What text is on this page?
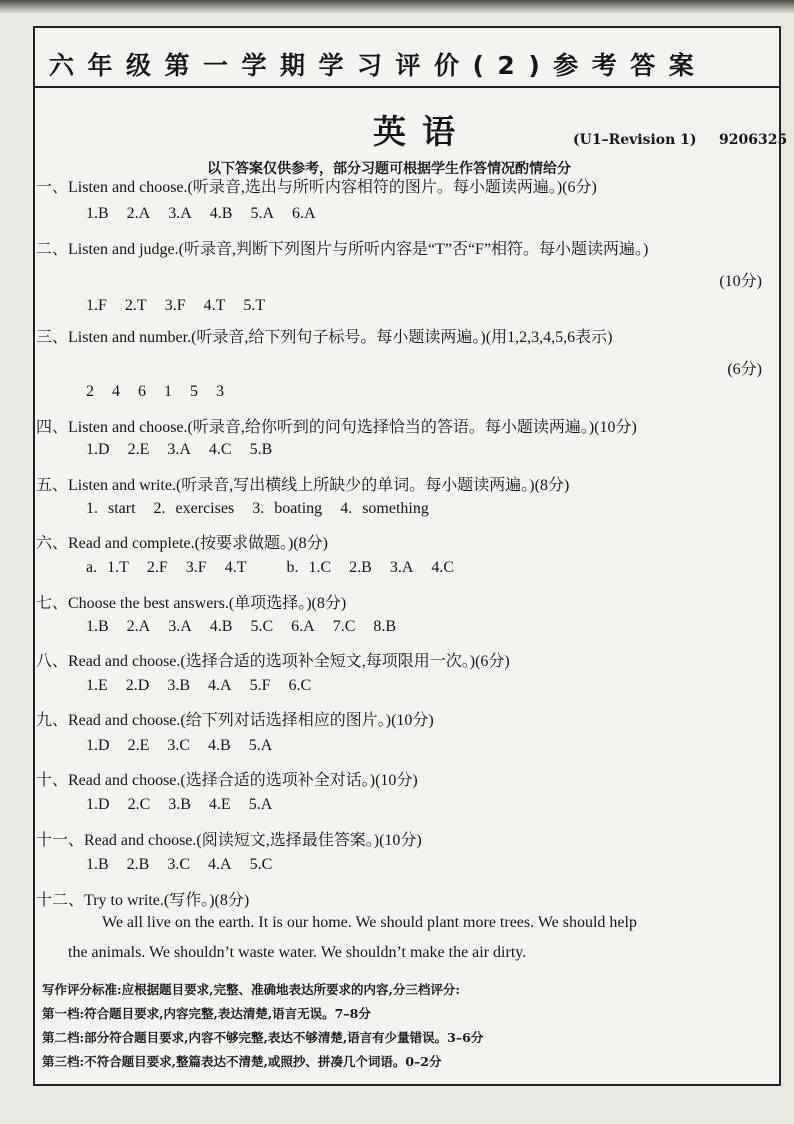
六年级第一学期学习评价(2)参考答案
英语	(U1–Revision 1) 9206325
以下答案仅供参考，部分习题可根据学生作答情况酌情给分
一、Listen and choose.(听录音,选出与所听内容相符的图片。每小题读两遍。)(6分)
1.B 2.A 3.A 4.B 5.A 6.A
二、Listen and judge.(听录音,判断下列图片与所听内容是“T”否“F”相符。每小题读两遍。)
(10分)
1.F 2.T 3.F 4.T 5.T
三、Listen and number.(听录音,给下列句子标号。每小题读两遍。)(用1,2,3,4,5,6表示)
(6分)
2 4 6 1 5 3
四、Listen and choose.(听录音,给你听到的问句选择恰当的答语。每小题读两遍。)(10分)
1.D 2.E 3.A 4.C 5.B
五、Listen and write.(听录音,写出横线上所缺少的单词。每小题读两遍。)(8分)
1. start 2. exercises 3. boating 4. something
六、Read and complete.(按要求做题。)(8分)
a. 1.T 2.F 3.F 4.T	b. 1.C 2.B 3.A 4.C
七、Choose the best answers.(单项选择。)(8分)
1.B 2.A 3.A 4.B 5.C 6.A 7.C 8.B
八、Read and choose.(选择合适的选项补全短文,每项限用一次。)(6分)
1.E 2.D 3.B 4.A 5.F 6.C
九、Read and choose.(给下列对话选择相应的图片。)(10分)
1.D 2.E 3.C 4.B 5.A
十、Read and choose.(选择合适的选项补全对话。)(10分)
1.D 2.C 3.B 4.E 5.A
十一、Read and choose.(阅读短文,选择最佳答案。)(10分)
1.B 2.B 3.C 4.A 5.C
十二、Try to write.(写作。)(8分)
We all live on the earth. It is our home. We should plant more trees. We should help
the animals. We shouldn’t waste water. We shouldn’t make the air dirty.
写作评分标准:应根据题目要求,完整、准确地表达所要求的内容,分三档评分:
第一档:符合题目要求,内容完整,表达清楚,语言无误。7–8分
第二档:部分符合题目要求,内容不够完整,表达不够清楚,语言有少量错误。3–6分
第三档:不符合题目要求,整篇表达不清楚,或照抄、拼凑几个词语。0–2分
